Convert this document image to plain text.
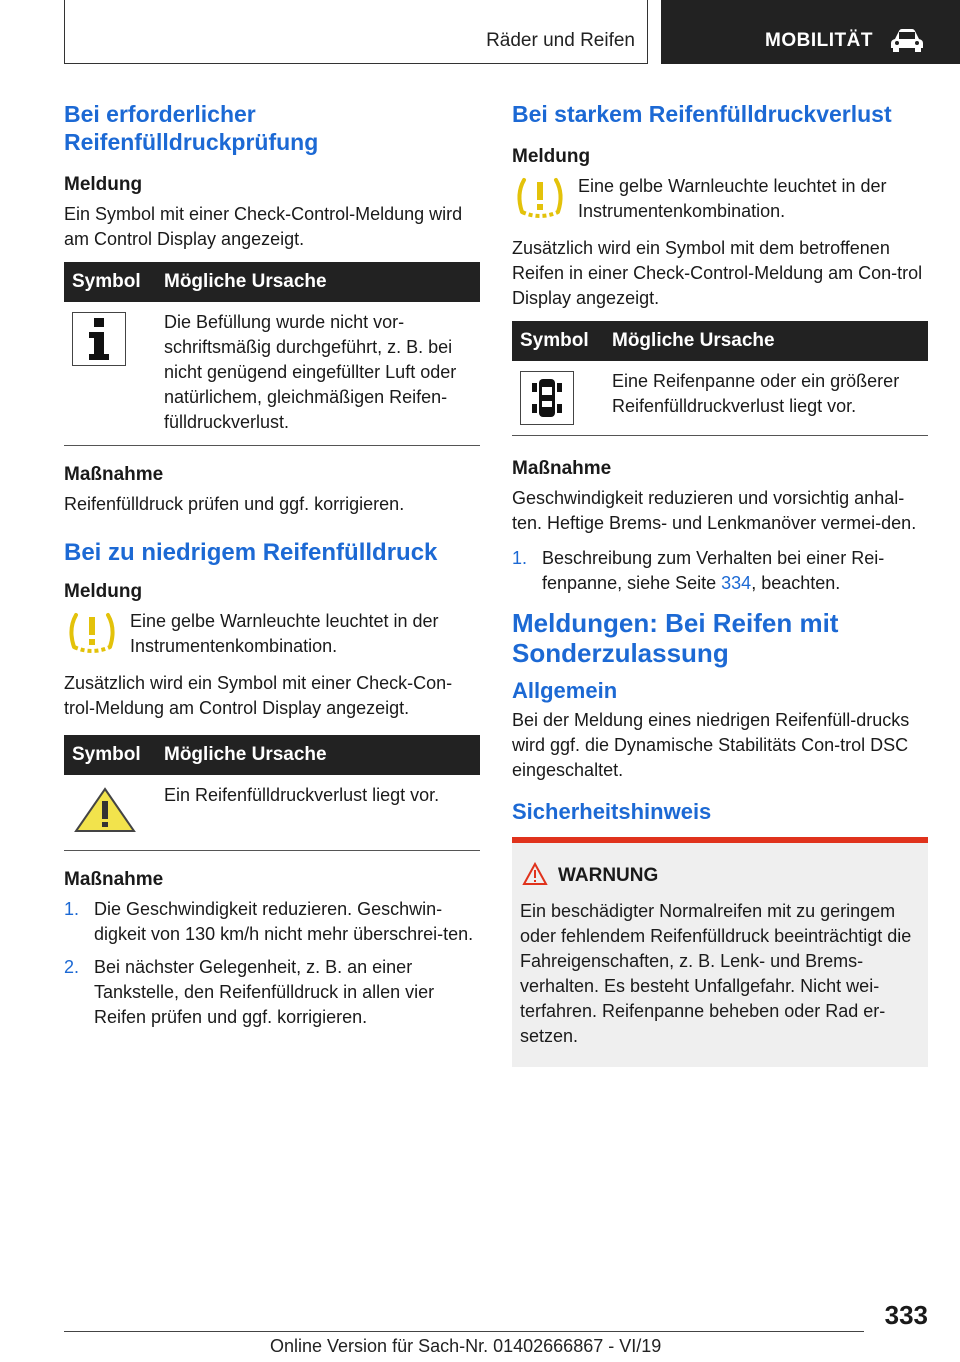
Räder und Reifen	MOBILITÄT
Bei erforderlicher Reifenfülldruckprüfung
Meldung

Ein Symbol mit einer Check-Control-Meldung wird am Control Display angezeigt.

Symbol	Mögliche Ursache

	Die Befüllung wurde nicht vor-schriftsmäßig durchgeführt, z. B. bei nicht genügend eingefüllter Luft oder natürlichem, gleichmäßigen Reifen-fülldruckverlust.
Maßnahme

Reifenfülldruck prüfen und ggf. korrigieren.

Bei zu niedrigem Reifenfülldruck
Meldung

Eine gelbe Warnleuchte leuchtet in der Instrumentenkombination.

Zusätzlich wird ein Symbol mit einer Check-Con-trol-Meldung am Control Display angezeigt.

Symbol	Mögliche Ursache
	Ein Reifenfülldruckverlust liegt vor.
Maßnahme
1. Die Geschwindigkeit reduzieren. Geschwin-digkeit von 130 km/h nicht mehr überschrei-ten.
2. Bei nächster Gelegenheit, z. B. an einer Tankstelle, den Reifenfülldruck in allen vier Reifen prüfen und ggf. korrigieren.
Bei starkem Reifenfülldruckverlust
Meldung

Eine gelbe Warnleuchte leuchtet in der Instrumentenkombination.

Zusätzlich wird ein Symbol mit dem betroffenen Reifen in einer Check-Control-Meldung am Con-trol Display angezeigt.

Symbol	Mögliche Ursache

	Eine Reifenpanne oder ein größerer Reifenfülldruckverlust liegt vor.
Maßnahme

Geschwindigkeit reduzieren und vorsichtig anhal-ten. Heftige Brems- und Lenkmanöver vermei-den.

1. Beschreibung zum Verhalten bei einer Rei-fenpanne, siehe Seite 334, beachten.
Meldungen: Bei Reifen mit Sonderzulassung
Allgemein

Bei der Meldung eines niedrigen Reifenfüll-drucks wird ggf. die Dynamische Stabilitäts Con-trol DSC eingeschaltet.

Sicherheitshinweis
WARNUNG

Ein beschädigter Normalreifen mit zu geringem oder fehlendem Reifenfülldruck beeinträchtigt die Fahreigenschaften, z. B. Lenk- und Brems-verhalten. Es besteht Unfallgefahr. Nicht wei-terfahren. Reifenpanne beheben oder Rad er-setzen.

333
Online Version für Sach-Nr. 01402666867 - VI/19
